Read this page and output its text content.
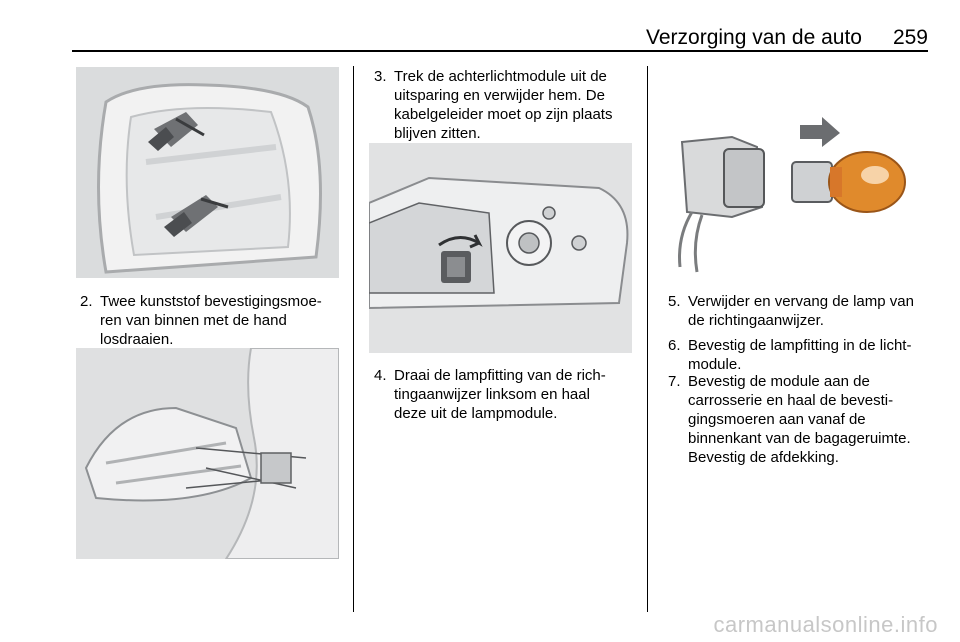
Verzorging van de auto	259
2. Twee kunststof bevestigingsmoe-
ren van binnen met de hand
losdraaien.
3. Trek de achterlichtmodule uit de
uitsparing en verwijder hem. De
kabelgeleider moet op zijn plaats
blijven zitten.
4. Draai de lampfitting van de rich-
tingaanwijzer linksom en haal
deze uit de lampmodule.
5. Verwijder en vervang de lamp van
de richtingaanwijzer.
6. Bevestig de lampfitting in de licht-
module.
7. Bevestig de module aan de
carrosserie en haal de bevesti-
gingsmoeren aan vanaf de
binnenkant van de bagageruimte.
Bevestig de afdekking.
carmanualsonline.info
